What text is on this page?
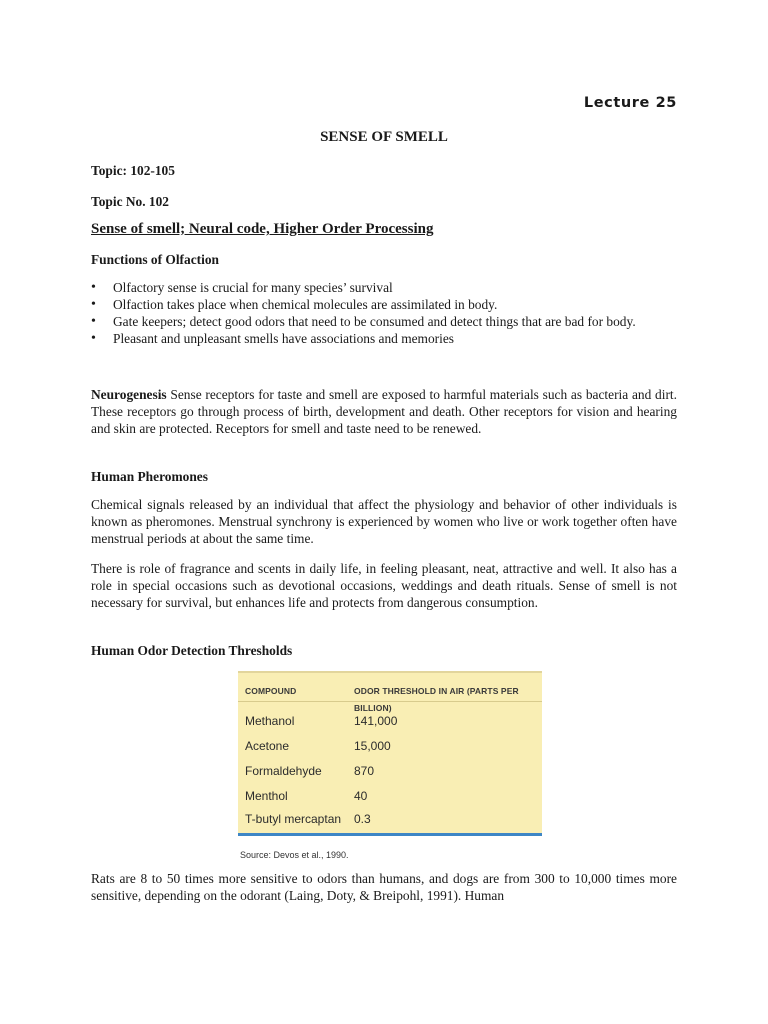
Lecture 25
SENSE OF SMELL
Topic: 102-105
Topic No. 102
Sense of smell; Neural code, Higher Order Processing
Functions of Olfaction
• Olfactory sense is crucial for many species’ survival
• Olfaction takes place when chemical molecules are assimilated in body.
• Gate keepers; detect good odors that need to be consumed and detect things that are bad for body.
• Pleasant and unpleasant smells have associations and memories

Neurogenesis Sense receptors for taste and smell are exposed to harmful materials such as bacteria and dirt. These receptors go through process of birth, development and death. Other receptors for vision and hearing and skin are protected. Receptors for smell and taste need to be renewed.

Human Pheromones

Chemical signals released by an individual that affect the physiology and behavior of other individuals is known as pheromones. Menstrual synchrony is experienced by women who live or work together often have menstrual periods at about the same time.

There is role of fragrance and scents in daily life, in feeling pleasant, neat, attractive and well. It also has a role in special occasions such as devotional occasions, weddings and death rituals. Sense of smell is not necessary for survival, but enhances life and protects from dangerous consumption.

Human Odor Detection Thresholds

Rats are 8 to 50 times more sensitive to odors than humans, and dogs are from 300 to 10,000 times more sensitive, depending on the odorant (Laing, Doty, & Breipohl, 1991). Human

COMPOUND	ODOR THRESHOLD IN AIR (PARTS PER BILLION)
Methanol	141,000
Acetone	15,000
Formaldehyde	870
Menthol	40
T-butyl mercaptan 0.3
Source: Devos et al., 1990.
